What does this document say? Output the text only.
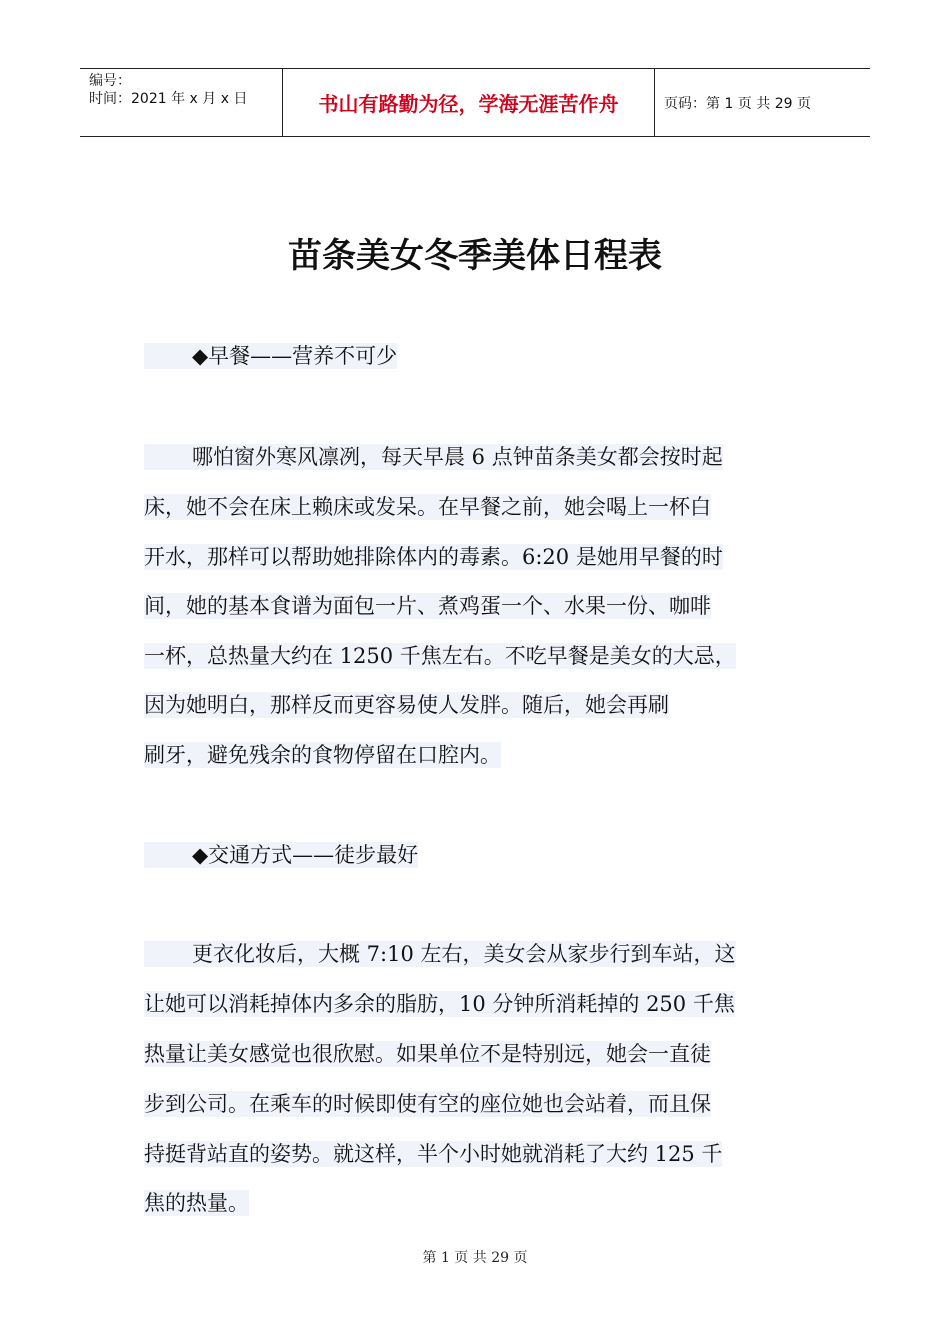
编号：
时间：2021 年 x 月 x 日	书山有路勤为径，学海无涯苦作舟	页码：第 1 页 共 29 页
苗条美女冬季美体日程表
◆早餐——营养不可少
哪怕窗外寒风凛冽，每天早晨 6 点钟苗条美女都会按时起
床，她不会在床上赖床或发呆。在早餐之前，她会喝上一杯白
开水，那样可以帮助她排除体内的毒素。6:20 是她用早餐的时
间，她的基本食谱为面包一片、煮鸡蛋一个、水果一份、咖啡
一杯，总热量大约在 1250 千焦左右。不吃早餐是美女的大忌，
因为她明白，那样反而更容易使人发胖。随后，她会再刷
刷牙，避免残余的食物停留在口腔内。
◆交通方式——徒步最好
更衣化妆后，大概 7:10 左右，美女会从家步行到车站，这
让她可以消耗掉体内多余的脂肪，10 分钟所消耗掉的 250 千焦
热量让美女感觉也很欣慰。如果单位不是特别远，她会一直徒
步到公司。在乘车的时候即使有空的座位她也会站着，而且保
持挺背站直的姿势。就这样，半个小时她就消耗了大约 125 千
焦的热量。
第 1 页 共 29 页
